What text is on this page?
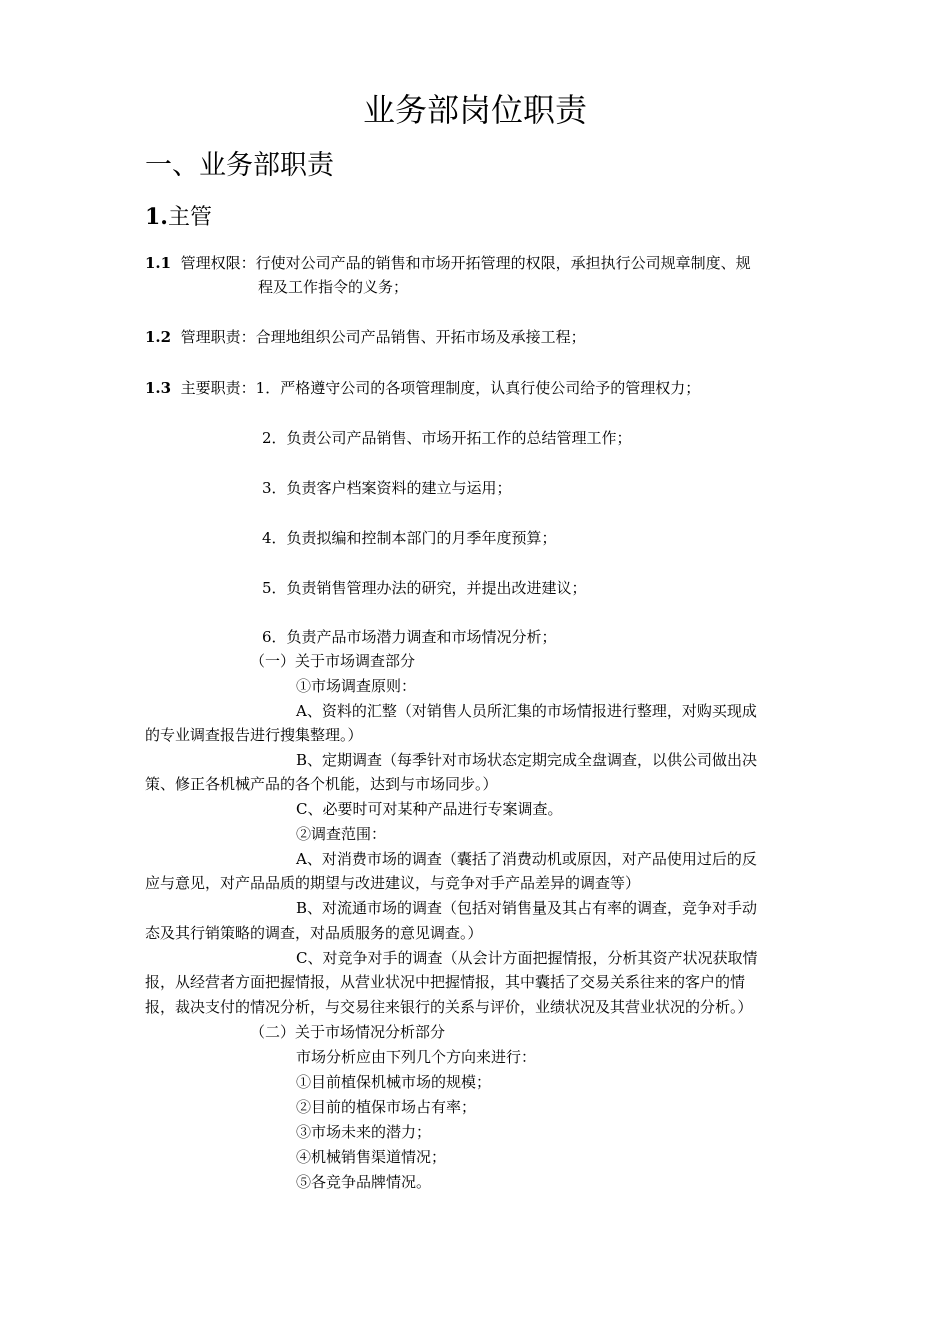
业务部岗位职责
一、业务部职责
1.主管
1.1 管理权限：行使对公司产品的销售和市场开拓管理的权限，承担执行公司规章制度、规
程及工作指令的义务；
1.2 管理职责：合理地组织公司产品销售、开拓市场及承接工程；
1.3 主要职责：1．严格遵守公司的各项管理制度，认真行使公司给予的管理权力；
2．负责公司产品销售、市场开拓工作的总结管理工作；
3．负责客户档案资料的建立与运用；
4．负责拟编和控制本部门的月季年度预算；
5．负责销售管理办法的研究，并提出改进建议；
6．负责产品市场潜力调查和市场情况分析；
（一）关于市场调查部分
①市场调查原则：
A、资料的汇整（对销售人员所汇集的市场情报进行整理，对购买现成
的专业调查报告进行搜集整理。）
B、定期调查（每季针对市场状态定期完成全盘调查，以供公司做出决
策、修正各机械产品的各个机能，达到与市场同步。）
C、必要时可对某种产品进行专案调查。
②调查范围：
A、对消费市场的调查（囊括了消费动机或原因，对产品使用过后的反
应与意见，对产品品质的期望与改进建议，与竞争对手产品差异的调查等）
B、对流通市场的调查（包括对销售量及其占有率的调查，竞争对手动
态及其行销策略的调查，对品质服务的意见调查。）
C、对竞争对手的调查（从会计方面把握情报，分析其资产状况获取情
报，从经营者方面把握情报，从营业状况中把握情报，其中囊括了交易关系往来的客户的情
报，裁决支付的情况分析，与交易往来银行的关系与评价，业绩状况及其营业状况的分析。）
（二）关于市场情况分析部分
市场分析应由下列几个方向来进行：
①目前植保机械市场的规模；
②目前的植保市场占有率；
③市场未来的潜力；
④机械销售渠道情况；
⑤各竞争品牌情况。
